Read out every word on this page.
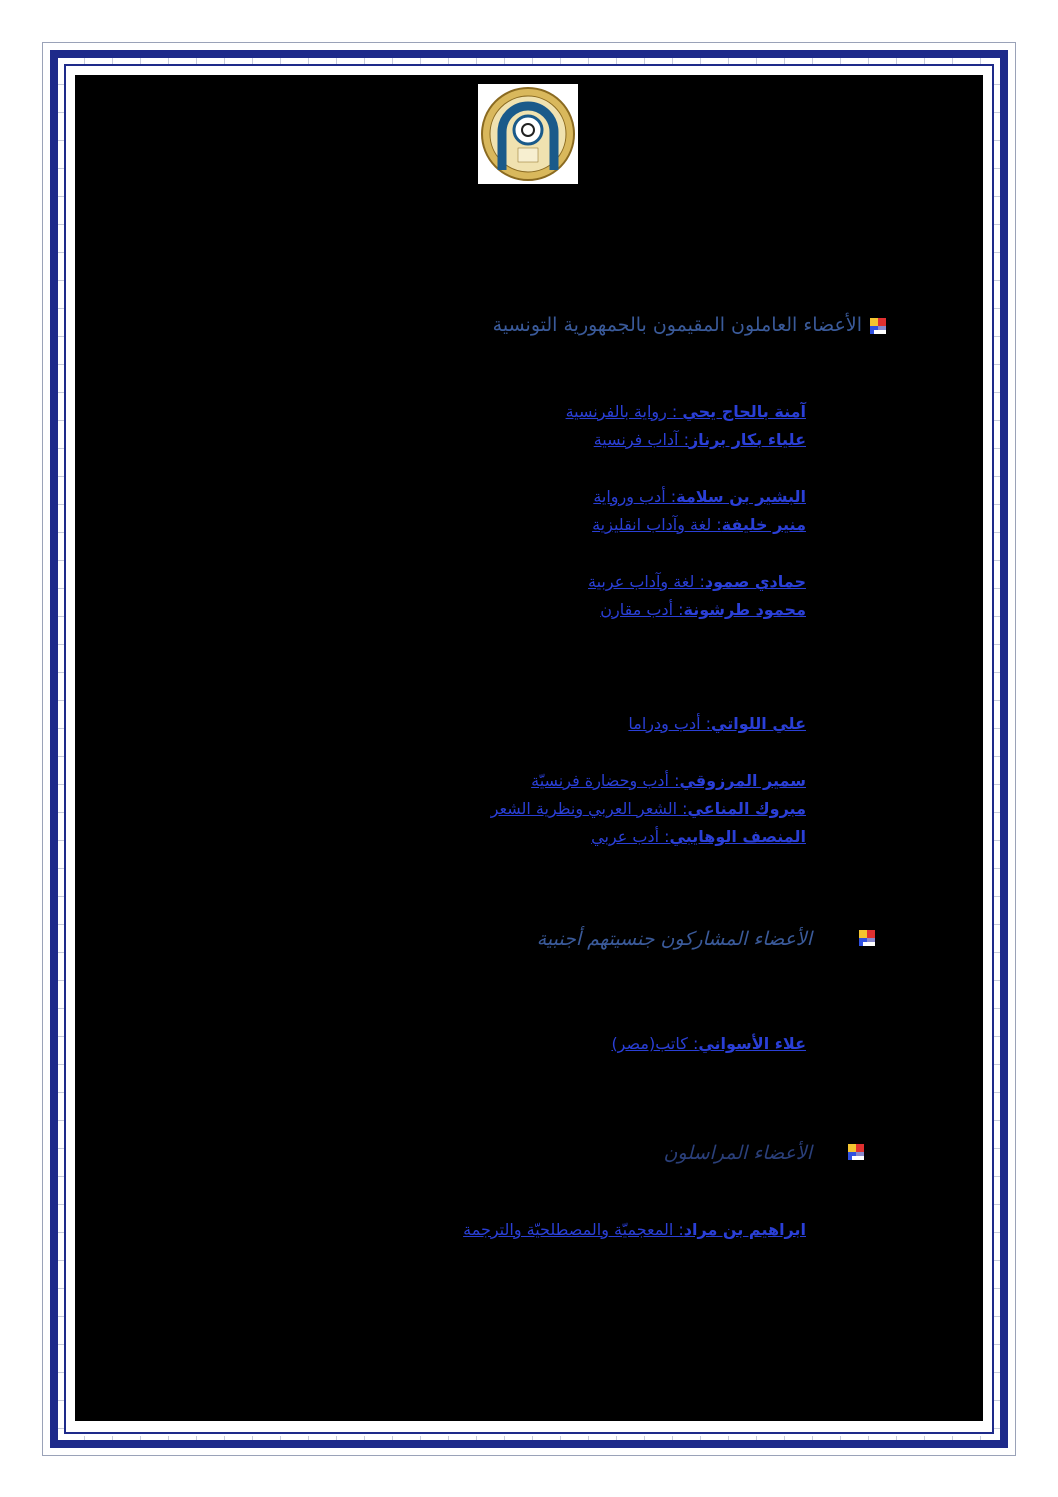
الأعضاء العاملون المقيمون بالجمهورية التونسية
آمنة بالحاج يحي : رواية بالفرنسية
علياء بكار برناز: آداب فرنسية
البشير بن سلامة: أدب ورواية
منير خليفة: لغة وآداب انقليزية
حمادي صمود: لغة وآداب عربية
محمود طرشونة: أدب مقارن
علي اللواتي: أدب ودراما
سمير المرزوقي: أدب وحضارة فرنسيّة
مبروك المناعي: الشعر العربي ونظرية الشعر
المنصف الوهايبي: أدب عربي
الأعضاء المشاركون جنسيتهم أجنبية
علاء الأسواني: كاتب(مصر)
الأعضاء المراسلون
ابراهيم بن مراد: المعجميّة والمصطلحيّة والترجمة
